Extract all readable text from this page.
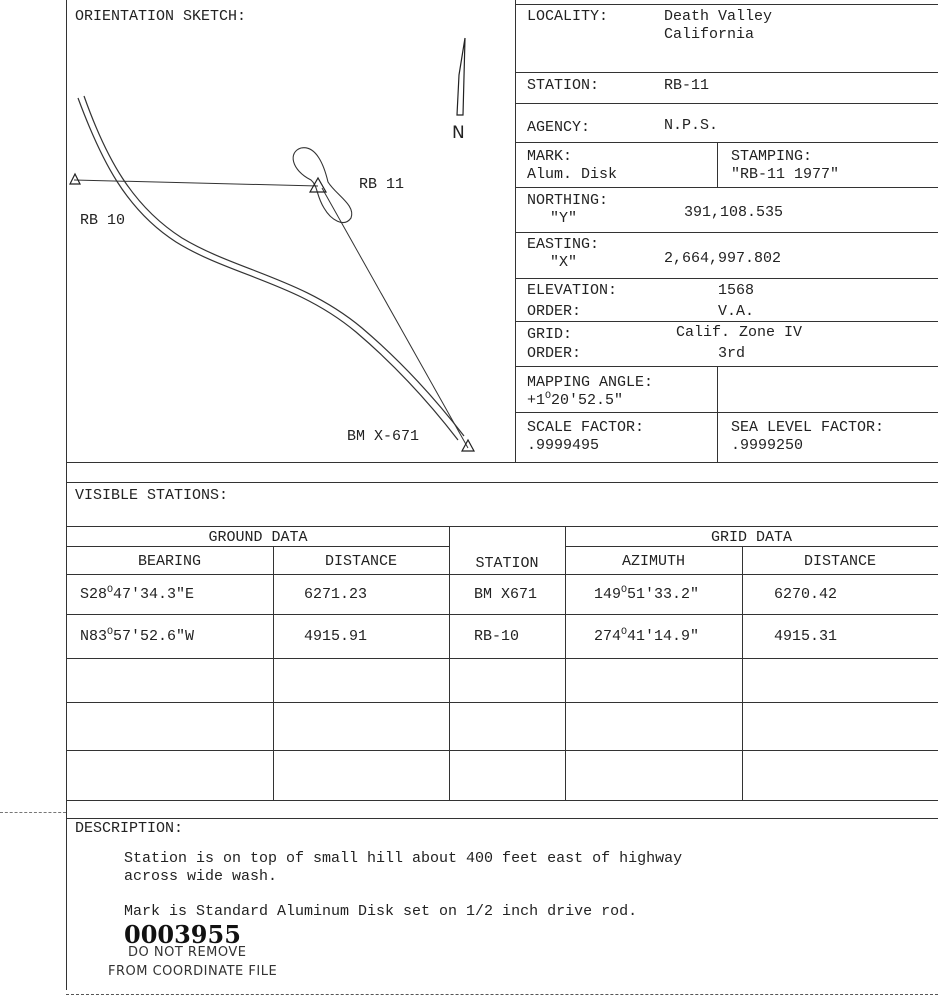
ORIENTATION SKETCH:
N
RB 11
RB 10
BM X-671
LOCALITY:	Death Valley
California
STATION:	RB-11
AGENCY:	N.P.S.
MARK:
Alum. Disk
STAMPING:
"RB-11 1977"
NORTHING:
"Y"	391,108.535
EASTING:
"X"	2,664,997.802
ELEVATION:	1568
ORDER:	V.A.
GRID:	Calif. Zone IV
ORDER:	3rd
MAPPING ANGLE:
$+1^O20'52.5$"
SCALE FACTOR:
.9999495
SEA LEVEL FACTOR:
.9999250
VISIBLE STATIONS:
GROUND DATA	GRID DATA
BEARING	DISTANCE	STATION	AZIMUTH	DISTANCE
$S28^O47'34.3"E$	6271.23	BM X671	$149^O51'33.2$"	6270.42
$N83^O57'52.6"W$	4915.91	RB-10	$274^O41'14.9$"	4915.31
DESCRIPTION:
Station is on top of small hill about 400 feet east of highway
across wide wash.
Mark is Standard Aluminum Disk set on 1/2 inch drive rod.
0003955
DO NOT REMOVE
FROM COORDINATE FILE
